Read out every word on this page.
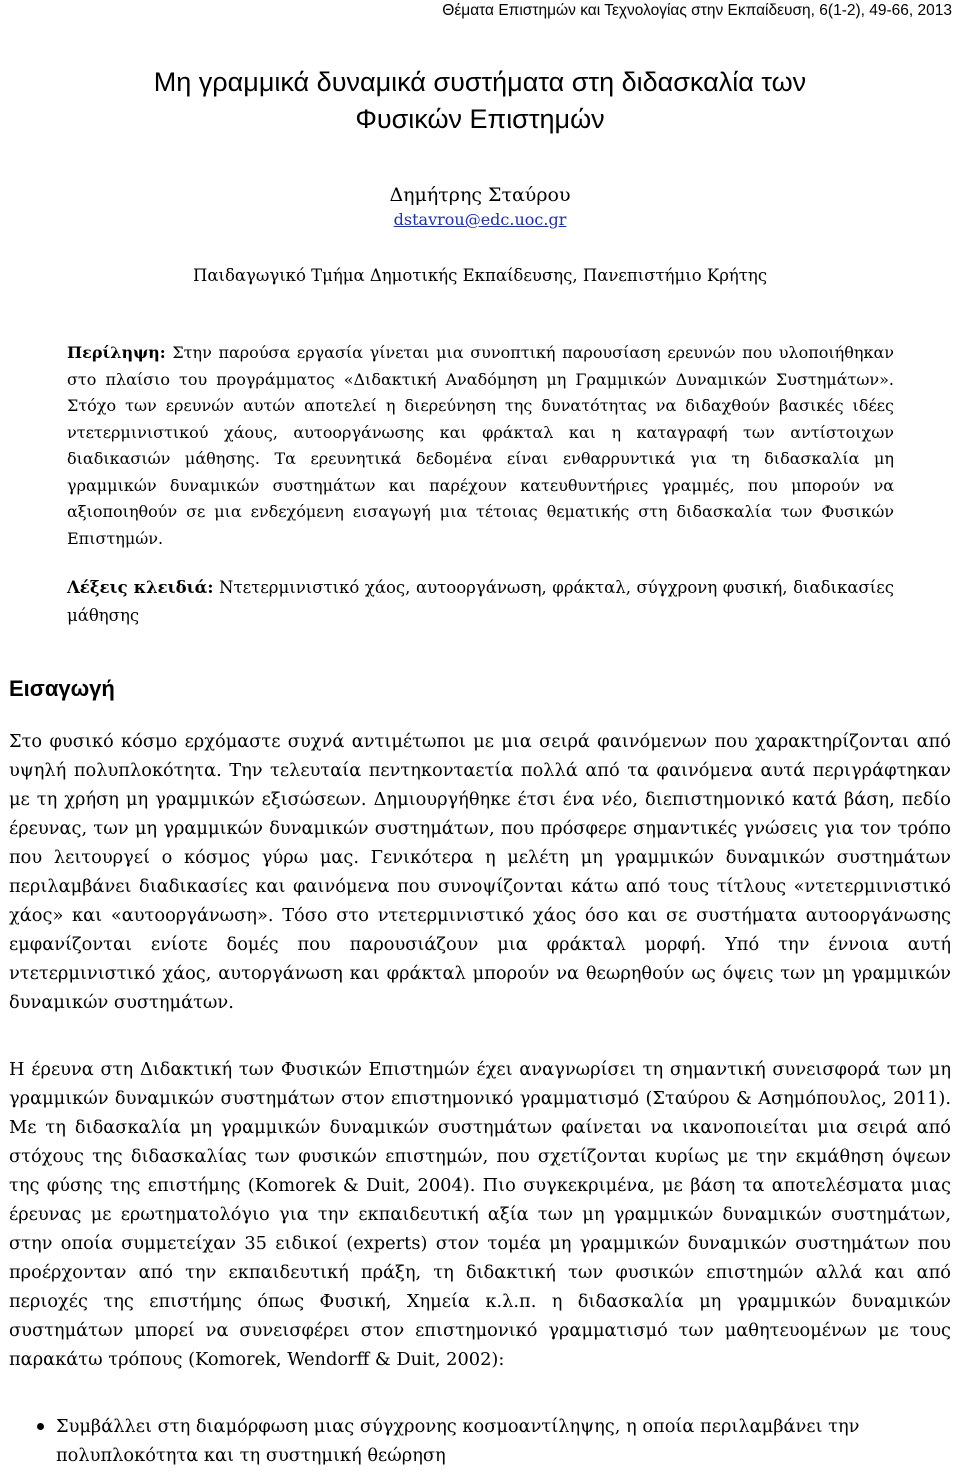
Θέματα Επιστημών και Τεχνολογίας στην Εκπαίδευση, 6(1-2), 49-66, 2013
Μη γραμμικά δυναμικά συστήματα στη διδασκαλία των
Φυσικών Επιστημών
Δημήτρης Σταύρου
dstavrou@edc.uoc.gr
Παιδαγωγικό Τμήμα Δημοτικής Εκπαίδευσης, Πανεπιστήμιο Κρήτης

Περίληψη: Στην παρούσα εργασία γίνεται μια συνοπτική παρουσίαση ερευνών που υλοποιήθηκαν στο πλαίσιο του προγράμματος «Διδακτική Αναδόμηση μη Γραμμικών Δυναμικών Συστημάτων». Στόχο των ερευνών αυτών αποτελεί η διερεύνηση της δυνατότητας να διδαχθούν βασικές ιδέες ντετερμινιστικού χάους, αυτοοργάνωσης και φράκταλ και η καταγραφή των αντίστοιχων διαδικασιών μάθησης. Τα ερευνητικά δεδομένα είναι ενθαρρυντικά για τη διδασκαλία μη γραμμικών δυναμικών συστημάτων και παρέχουν κατευθυντήριες γραμμές, που μπορούν να αξιοποιηθούν σε μια ενδεχόμενη εισαγωγή μια τέτοιας θεματικής στη διδασκαλία των Φυσικών Επιστημών.

Λέξεις κλειδιά: Ντετερμινιστικό χάος, αυτοοργάνωση, φράκταλ, σύγχρονη φυσική, διαδικασίες μάθησης

Εισαγωγή

Στο φυσικό κόσμο ερχόμαστε συχνά αντιμέτωποι με μια σειρά φαινόμενων που χαρακτηρίζονται από υψηλή πολυπλοκότητα. Την τελευταία πεντηκονταετία πολλά από τα φαινόμενα αυτά περιγράφτηκαν με τη χρήση μη γραμμικών εξισώσεων. Δημιουργήθηκε έτσι ένα νέο, διεπιστημονικό κατά βάση, πεδίο έρευνας, των μη γραμμικών δυναμικών συστημάτων, που πρόσφερε σημαντικές γνώσεις για τον τρόπο που λειτουργεί ο κόσμος γύρω μας. Γενικότερα η μελέτη μη γραμμικών δυναμικών συστημάτων περιλαμβάνει διαδικασίες και φαινόμενα που συνοψίζονται κάτω από τους τίτλους «ντετερμινιστικό χάος» και «αυτοοργάνωση». Τόσο στο ντετερμινιστικό χάος όσο και σε συστήματα αυτοοργάνωσης εμφανίζονται ενίοτε δομές που παρουσιάζουν μια φράκταλ μορφή. Υπό την έννοια αυτή ντετερμινιστικό χάος, αυτοργάνωση και φράκταλ μπορούν να θεωρηθούν ως όψεις των μη γραμμικών δυναμικών συστημάτων.

Η έρευνα στη Διδακτική των Φυσικών Επιστημών έχει αναγνωρίσει τη σημαντική συνεισφορά των μη γραμμικών δυναμικών συστημάτων στον επιστημονικό γραμματισμό (Σταύρου & Ασημόπουλος, 2011). Με τη διδασκαλία μη γραμμικών δυναμικών συστημάτων φαίνεται να ικανοποιείται μια σειρά από στόχους της διδασκαλίας των φυσικών επιστημών, που σχετίζονται κυρίως με την εκμάθηση όψεων της φύσης της επιστήμης (Komorek & Duit, 2004). Πιο συγκεκριμένα, με βάση τα αποτελέσματα μιας έρευνας με ερωτηματολόγιο για την εκπαιδευτική αξία των μη γραμμικών δυναμικών συστημάτων, στην οποία συμμετείχαν 35 ειδικοί (experts) στον τομέα μη γραμμικών δυναμικών συστημάτων που προέρχονταν από την εκπαιδευτική πράξη, τη διδακτική των φυσικών επιστημών αλλά και από περιοχές της επιστήμης όπως Φυσική, Χημεία κ.λ.π. η διδασκαλία μη γραμμικών δυναμικών συστημάτων μπορεί να συνεισφέρει στον επιστημονικό γραμματισμό των μαθητευομένων με τους παρακάτω τρόπους (Komorek, Wendorff & Duit, 2002):

Συμβάλλει στη διαμόρφωση μιας σύγχρονης κοσμοαντίληψης, η οποία περιλαμβάνει την πολυπλοκότητα και τη συστημική θεώρηση
